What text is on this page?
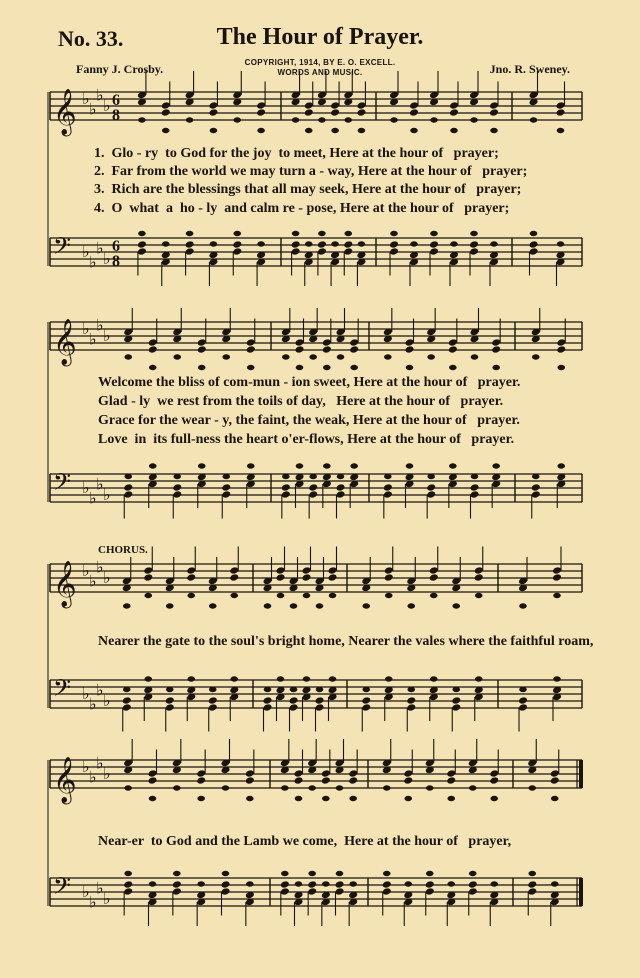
No. 33.	The Hour of Prayer.
Fanny J. Crosby.	COPYRIGHT, 1914, BY E. O. EXCELL.
WORDS AND MUSIC.	Jno. R. Sweney.
𝄞 ♭
♭
♭
♭ 6
8
𝄢 ♭
♭
♭
♭
6
8
𝄞 ♭
♭
♭
♭
𝄢 ♭
♭
♭
♭
𝄞 ♭
♭
♭
♭
𝄢 ♭
♭
♭
♭
𝄞 ♭
♭
♭
♭
𝄢 ♭
♭
♭
♭
1.  Glo - ry  to God for the joy  to meet, Here at the hour of   prayer;
2.  Far from the world we may turn a - way, Here at the hour of   prayer;
3.  Rich are the blessings that all may seek, Here at the hour of   prayer;
4.  O  what  a  ho - ly  and calm re - pose, Here at the hour of   prayer;
Welcome the bliss of com-mun - ion sweet, Here at the hour of   prayer.
Glad - ly  we rest from the toils of day,   Here at the hour of   prayer.
Grace for the wear - y, the faint, the weak, Here at the hour of   prayer.
Love  in  its full-ness the heart o'er-flows, Here at the hour of   prayer.
CHORUS.
Nearer the gate to the soul's bright home, Nearer the vales where the faithful roam,
Near-er  to God and the Lamb we come,  Here at the hour of   prayer,
